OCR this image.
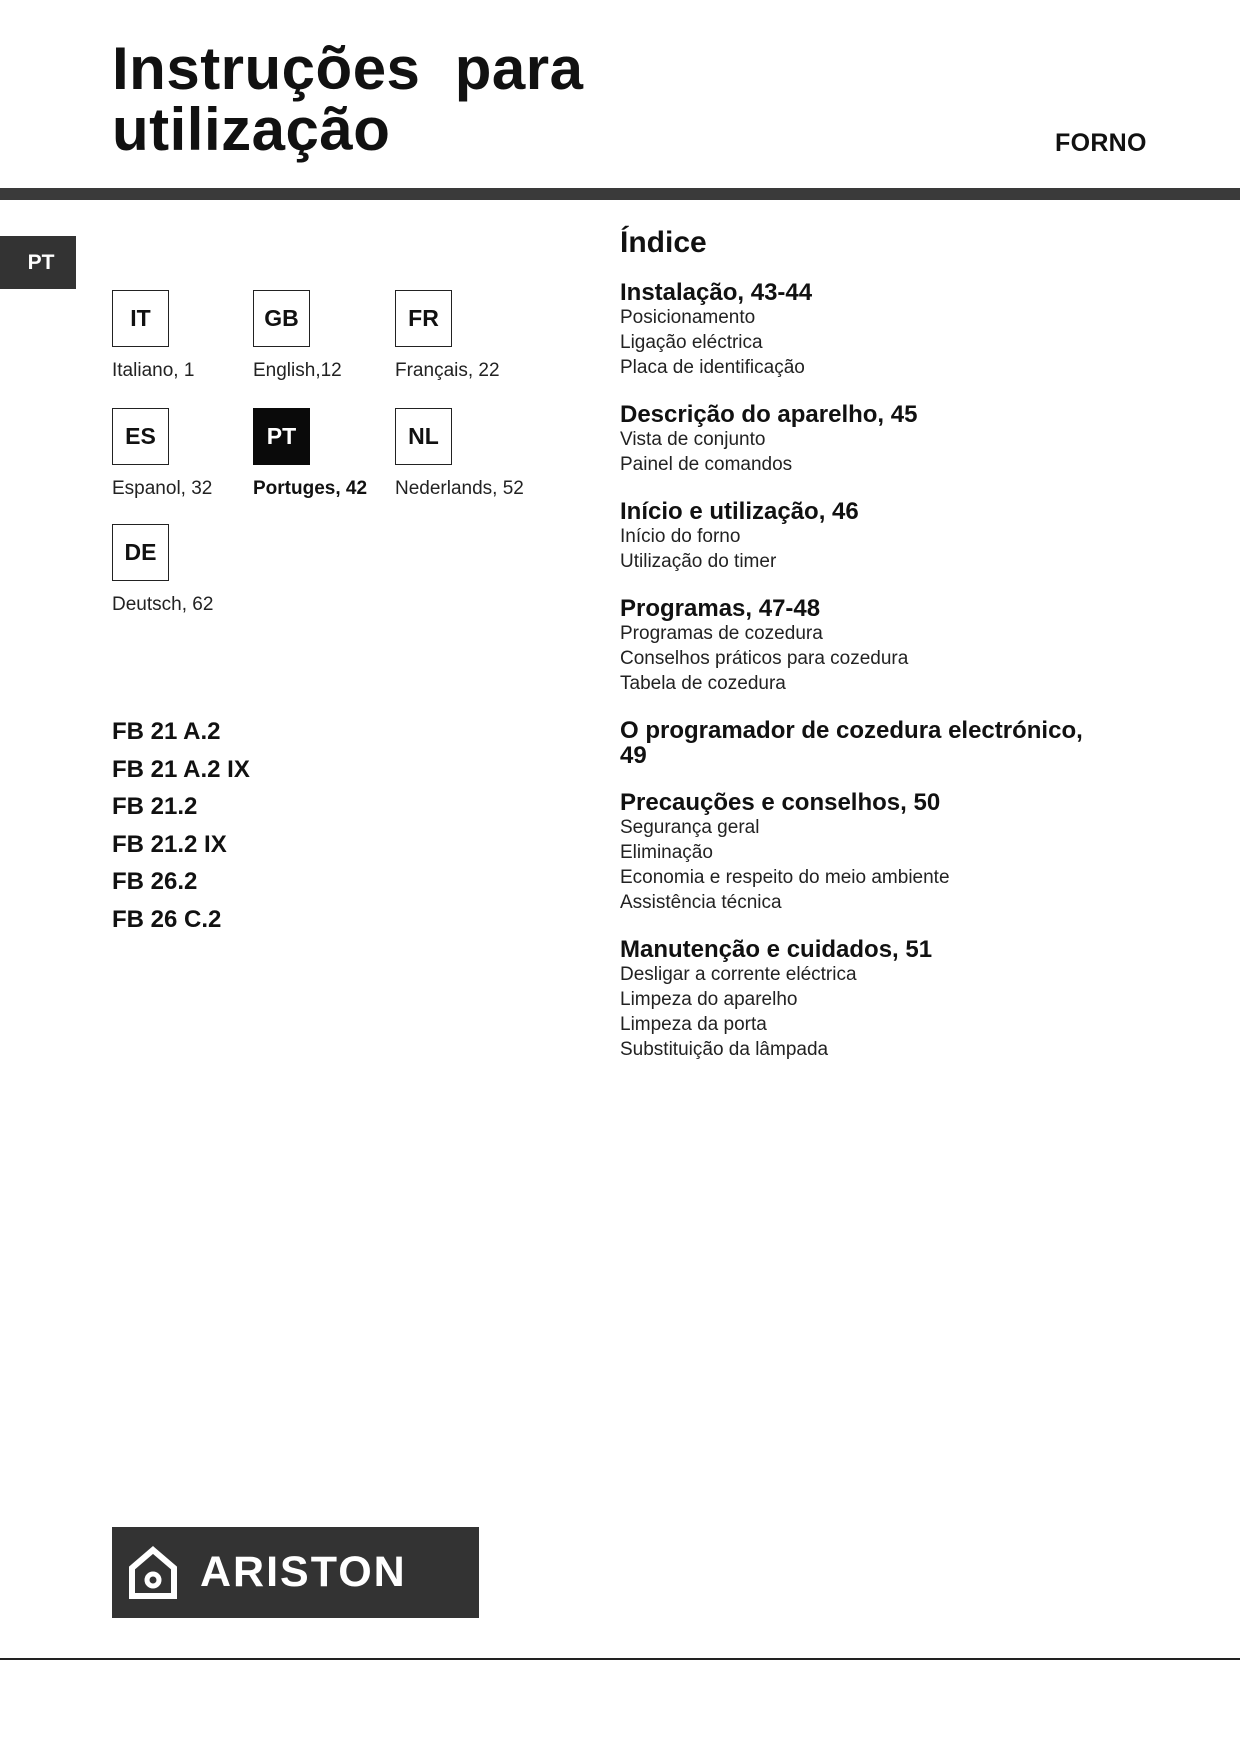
Instruções  para
utilização	FORNO
PT
IT
Italiano, 1
GB
English,12
FR
Français, 22
ES
Espanol, 32
PT
Portuges, 42
NL
Nederlands, 52
DE
Deutsch, 62
FB 21 A.2
FB 21 A.2 IX
FB 21.2
FB 21.2 IX
FB 26.2
FB 26 C.2
Índice
Instalação, 43-44
Posicionamento
Ligação eléctrica
Placa de identificação
Descrição do aparelho, 45
Vista de conjunto
Painel de comandos
Início e utilização, 46
Início do forno
Utilização do timer
Programas, 47-48
Programas de cozedura
Conselhos práticos para cozedura
Tabela de cozedura
O programador de cozedura electrónico,
49
Precauções e conselhos, 50
Segurança geral
Eliminação
Economia e respeito do meio ambiente
Assistência técnica
Manutenção e cuidados, 51
Desligar a corrente eléctrica
Limpeza do aparelho
Limpeza da porta
Substituição da lâmpada
ARISTON
